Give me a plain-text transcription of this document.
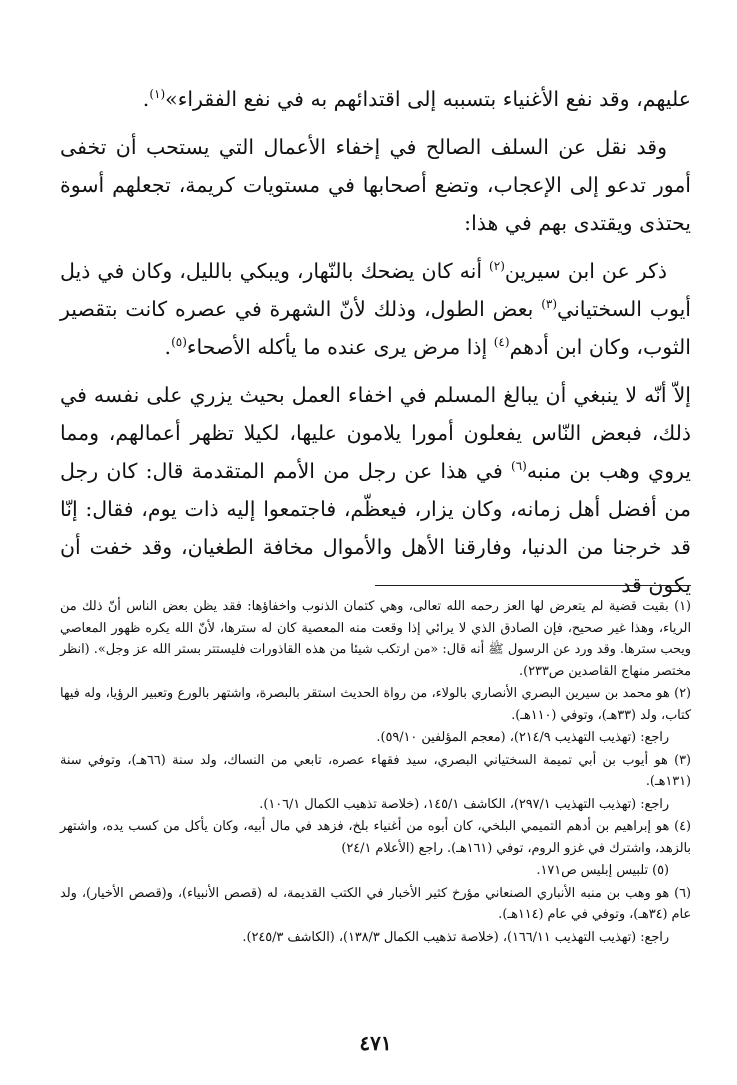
عليهم، وقد نفع الأغنياء بتسببه إلى اقتدائهم به في نفع الفقراء»$^{(١)}$.

وقد نقل عن السلف الصالح في إخفاء الأعمال التي يستحب أن تخفى أمور تدعو إلى الإعجاب، وتضع أصحابها في مستويات كريمة، تجعلهم أسوة يحتذى ويقتدى بهم في هذا:

ذكر عن ابن سيرين$^{(٢)}$ أنه كان يضحك بالنّهار، ويبكي بالليل، وكان في ذيل أيوب السختياني$^{(٣)}$ بعض الطول، وذلك لأنّ الشهرة في عصره كانت بتقصير الثوب، وكان ابن أدهم$^{(٤)}$ إذا مرض يرى عنده ما يأكله الأصحاء$^{(٥)}$.

إلاّ أنّه لا ينبغي أن يبالغ المسلم في اخفاء العمل بحيث يزري على نفسه في ذلك، فبعض النّاس يفعلون أمورا يلامون عليها، لكيلا تظهر أعمالهم، ومما يروي وهب بن منبه$^{(٦)}$ في هذا عن رجل من الأمم المتقدمة قال: كان رجل من أفضل أهل زمانه، وكان يزار، فيعظّم، فاجتمعوا إليه ذات يوم، فقال: إنّا قد خرجنا من الدنيا، وفارقنا الأهل والأموال مخافة الطغيان، وقد خفت أن يكون قد

(١) بقيت قضية لم يتعرض لها العز رحمه الله تعالى، وهي كتمان الذنوب واخفاؤها: فقد يظن بعض الناس أنّ ذلك من الرياء، وهذا غير صحيح، فإن الصادق الذي لا يرائي إذا وقعت منه المعصية كان له سترها، لأنّ الله يكره ظهور المعاصي ويحب سترها. وقد ورد عن الرسول ﷺ أنه قال: «من ارتكب شيئا من هذه القاذورات فليستتر بستر الله عز وجل». (انظر مختصر منهاج القاصدين ص٢٣٣).

(٢) هو محمد بن سيرين البصري الأنصاري بالولاء، من رواة الحديث استقر بالبصرة، واشتهر بالورع وتعبير الرؤيا، وله فيها كتاب، ولد (٣٣هـ)، وتوفي (١١٠هـ).

راجع: (تهذيب التهذيب ٢١٤/٩)، (معجم المؤلفين ٥٩/١٠).

(٣) هو أيوب بن أبي تميمة السختياني البصري، سيد فقهاء عصره، تابعي من النساك، ولد سنة (٦٦هـ)، وتوفي سنة (١٣١هـ).

راجع: (تهذيب التهذيب ٢٩٧/١)، الكاشف ١٤٥/١، (خلاصة تذهيب الكمال ١٠٦/١).

(٤) هو إبراهيم بن أدهم التميمي البلخي، كان أبوه من أغنياء بلخ، فزهد في مال أبيه، وكان يأكل من كسب يده، واشتهر بالزهد، واشترك في غزو الروم، توفي (١٦١هـ). راجع (الأعلام ٢٤/١)

(٥) تلبيس إبليس ص١٧١.

(٦) هو وهب بن منبه الأنباري الصنعاني مؤرخ كثير الأخبار في الكتب القديمة، له (قصص الأنبياء)، و(قصص الأخيار)، ولد عام (٣٤هـ)، وتوفي في عام (١١٤هـ).

راجع: (تهذيب التهذيب ١٦٦/١١)، (خلاصة تذهيب الكمال ١٣٨/٣)، (الكاشف ٢٤٥/٣).

٤٧١
